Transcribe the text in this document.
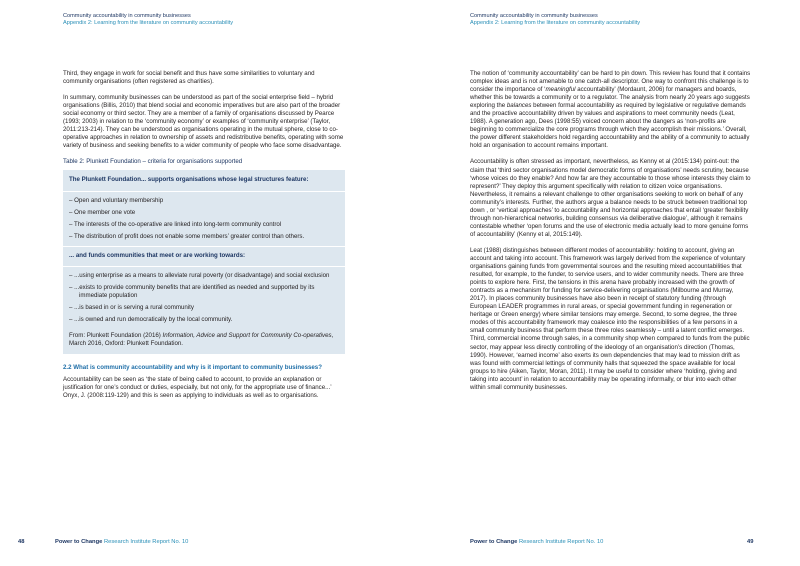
Community accountability in community businesses
Appendix 2: Learning from the literature on community accountability

Third, they engage in work for social benefit and thus have some similarities to voluntary and community organisations (often registered as charities).

In summary, community businesses can be understood as part of the social enterprise field – hybrid organisations (Billis, 2010) that blend social and economic imperatives but are also part of the broader social economy or third sector. They are a member of a family of organisations discussed by Pearce (1993; 2003) in relation to the ‘community economy’ or examples of ‘community enterprise’ (Taylor, 2011:213-214). They can be understood as organisations operating in the mutual sphere, close to co-operative approaches in relation to ownership of assets and redistributive benefits, operating with some variety of business and seeking benefits to a wider community of people who face some disadvantage.

Table 2: Plunkett Foundation – criteria for organisations supported
The Plunkett Foundation... supports organisations whose legal structures feature:
– Open and voluntary membership
– One member one vote
– The interests of the co-operative are linked into long-term community control
– The distribution of profit does not enable some members’ greater control than others.
... and funds communities that meet or are working towards:
– ...using enterprise as a means to alleviate rural poverty (or disadvantage) and social exclusion
– ...exists to provide community benefits that are identified as needed and supported by its immediate population
– ...is based in or is serving a rural community
– ...is owned and run democratically by the local community.
From: Plunkett Foundation (2016) Information, Advice and Support for Community Co-operatives, March 2016, Oxford: Plunkett Foundation.
2.2 What is community accountability and why is it important to community businesses?

Accountability can be seen as ‘the state of being called to account, to provide an explanation or justification for one’s conduct or duties, especially, but not only, for the appropriate use of finance...’ Onyx, J. (2008:119-129) and this is seen as applying to individuals as well as to organisations.

48	Power to Change Research Institute Report No. 10
Community accountability in community businesses
Appendix 2: Learning from the literature on community accountability

The notion of ‘community accountability’ can be hard to pin down. This review has found that it contains complex ideas and is not amenable to one catch-all descriptor. One way to confront this challenge is to consider the importance of ‘meaningful accountability’ (Mordaunt, 2006) for managers and boards, whether this be towards a community or to a regulator. The analysis from nearly 20 years ago suggests exploring the balances between formal accountability as required by legislative or regulative demands and the proactive accountability driven by values and aspirations to meet community needs (Leat, 1988). A generation ago, Dees (1998:55) voiced concern about the dangers as ‘non-profits are beginning to commercialize the core programs through which they accomplish their missions.’ Overall, the power different stakeholders hold regarding accountability and the ability of a community to actually hold an organisation to account remains important.

Accountability is often stressed as important, nevertheless, as Kenny et al (2015:134) point-out: the claim that ‘third sector organisations model democratic forms of organisations’ needs scrutiny, because ‘whose voices do they enable? And how far are they accountable to those whose interests they claim to represent?’ They deploy this argument specifically with relation to citizen voice organisations. Nevertheless, it remains a relevant challenge to other organisations seeking to work on behalf of any community’s interests. Further, the authors argue a balance needs to be struck between traditional top down , or ‘vertical approaches’ to accountability and horizontal approaches that entail ‘greater flexibility through non-hierarchical networks, building consensus via deliberative dialogue’, although it remains contestable whether ‘open forums and the use of electronic media actually lead to more genuine forms of accountability’ (Kenny et al, 2015:149).

Leat (1988) distinguishes between different modes of accountability: holding to account, giving an account and taking into account. This framework was largely derived from the experience of voluntary organisations gaining funds from governmental sources and the resulting mixed accountabilities that resulted, for example, to the funder, to service users, and to wider community needs. There are three points to explore here. First, the tensions in this arena have probably increased with the growth of contracts as a mechanism for funding for service-delivering organisations (Milbourne and Murray, 2017). In places community businesses have also been in receipt of statutory funding (through European LEADER programmes in rural areas, or special government funding in regeneration or heritage or Green energy) where similar tensions may emerge. Second, to some degree, the three modes of this accountability framework may coalesce into the responsibilities of a few persons in a small community business that perform these three roles seamlessly – until a latent conflict emerges. Third, commercial income through sales, in a community shop when compared to funds from the public sector, may appear less directly controlling of the ideology of an organisation’s direction (Thomas, 1990). However, ‘earned income’ also exerts its own dependencies that may lead to mission drift as was found with commercial lettings of community halls that squeezed the space available for local groups to hire (Aiken, Taylor, Moran, 2011). It may be useful to consider where ‘holding, giving and taking into account’ in relation to accountability may be operating informally, or blur into each other within small community businesses.

Power to Change Research Institute Report No. 10	49
